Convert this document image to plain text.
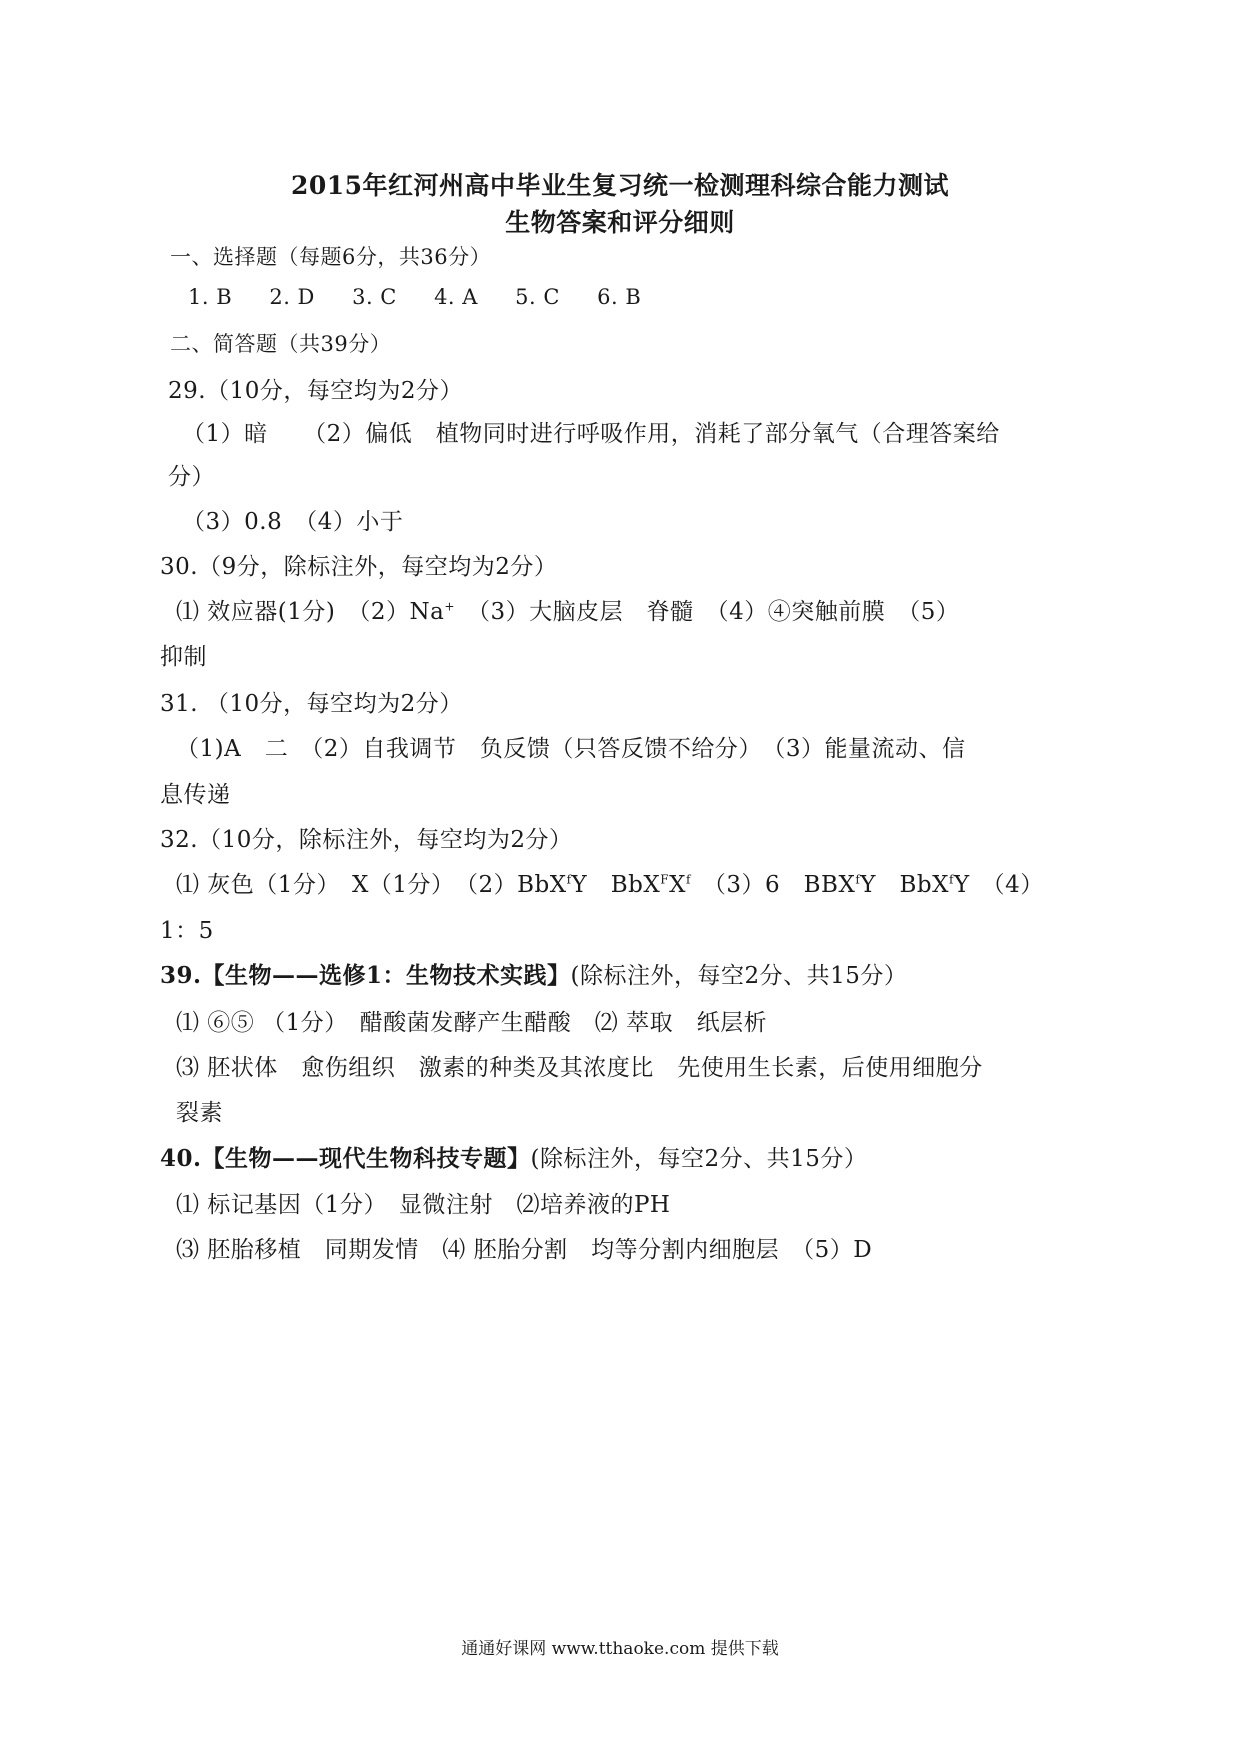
2015年红河州高中毕业生复习统一检测理科综合能力测试
生物答案和评分细则
一、选择题（每题6分，共36分）
1. B 2. D 3. C 4. A 5. C 6. B
二、简答题（共39分）
29.（10分，每空均为2分）
（1）暗　　（2）偏低　植物同时进行呼吸作用，消耗了部分氧气（合理答案给
分）
（3）0.8　（4）小于
30.（9分，除标注外，每空均为2分）
⑴ 效应器(1分)　（2）Na+　（3）大脑皮层　脊髓　（4）④突触前膜　（5）
抑制
31. （10分，每空均为2分）
（1)A　二　（2）自我调节　负反馈（只答反馈不给分）　（3）能量流动、信
息传递
32.（10分，除标注外，每空均为2分）
⑴ 灰色（1分）　X（1分）　（2）BbX$^f$Y　$BbX^FX^f$　（3）6　BBX$^f$Y　BbX$^f$Y　（4）
1：5
39.【生物——选修1：生物技术实践】(除标注外，每空2分、共15分）
⑴ ⑥⑤ （1分）　醋酸菌发酵产生醋酸　⑵ 萃取　纸层析
⑶ 胚状体　愈伤组织　激素的种类及其浓度比　先使用生长素，后使用细胞分
裂素
40.【生物——现代生物科技专题】(除标注外，每空2分、共15分）
⑴ 标记基因（1分）　显微注射　⑵培养液的PH
⑶ 胚胎移植　同期发情　⑷ 胚胎分割　均等分割内细胞层　（5）D
通通好课网 www.tthaoke.com 提供下载
